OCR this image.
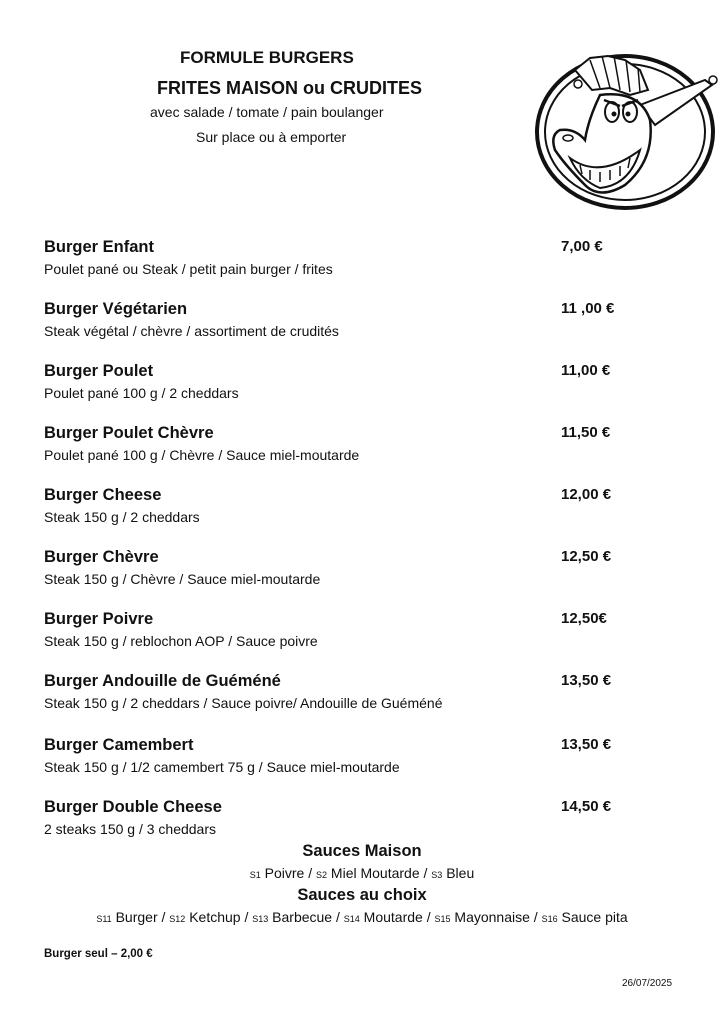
FORMULE BURGERS
FRITES MAISON ou CRUDITES
avec salade / tomate / pain boulanger
Sur place ou à emporter
Burger Enfant
Poulet pané ou Steak / petit pain burger / frites
7,00 €
Burger Végétarien
Steak végétal / chèvre / assortiment de crudités
11 ,00 €
Burger Poulet
Poulet pané 100 g / 2 cheddars
11,00 €
Burger Poulet Chèvre
Poulet pané 100 g / Chèvre / Sauce miel-moutarde
11,50 €
Burger Cheese
Steak 150 g / 2 cheddars
12,00 €
Burger Chèvre
Steak 150 g / Chèvre / Sauce miel-moutarde
12,50 €
Burger Poivre
Steak 150 g / reblochon AOP / Sauce poivre
12,50€
Burger Andouille de Guéméné
Steak 150 g / 2 cheddars / Sauce poivre/ Andouille de Guéméné
13,50 €
Burger Camembert
Steak 150 g / 1/2 camembert 75 g / Sauce miel-moutarde
13,50 €
Burger Double Cheese
2 steaks 150 g / 3 cheddars
14,50 €
Sauces Maison
S1 Poivre / S2 Miel Moutarde / S3 Bleu
Sauces au choix
S11 Burger / S12 Ketchup / S13 Barbecue / S14 Moutarde / S15 Mayonnaise / S16 Sauce pita
Burger seul – 2,00 €
26/07/2025
